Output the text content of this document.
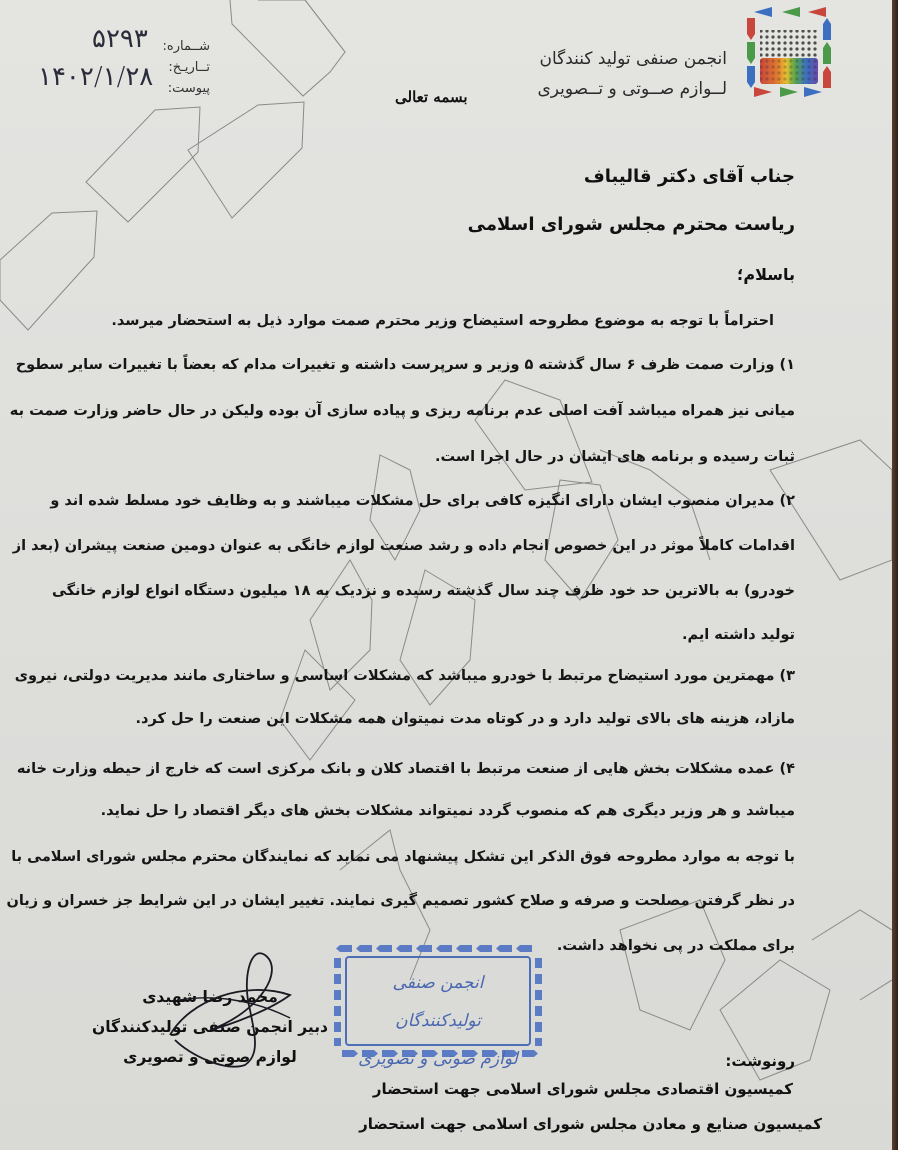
شــماره:
تــاریـخ:
پیوست:
۵۲۹۳
۱۴۰۲/۱/۲۸
بسمه تعالی
انجمن صنفی تولید کنندگان
لــوازم صــوتی و تــصویری
جناب آقای دکتر قالیباف
ریاست محترم مجلس شورای اسلامی
باسلام؛
احتراماً با توجه به موضوع مطروحه استیضاح وزیر محترم صمت موارد ذیل به استحضار میرسد.
۱) وزارت صمت ظرف ۶ سال گذشته ۵ وزیر و سرپرست داشته و تغییرات مدام که بعضاً با تغییرات سایر سطوح
میانی نیز همراه میباشد آفت اصلی عدم برنامه ریزی و پیاده سازی آن بوده ولیکن در حال حاضر وزارت صمت به
ثبات رسیده و برنامه های ایشان در حال اجرا است.
۲) مدیران منصوب ایشان دارای انگیزه کافی برای حل مشکلات میباشند و به وظایف خود مسلط شده اند و
اقدامات کاملاً موثر در این خصوص انجام داده و رشد صنعت لوازم خانگی به عنوان دومین صنعت پیشران (بعد از
خودرو) به بالاترین حد خود ظرف چند سال گذشته رسیده و نزدیک به ۱۸ میلیون دستگاه انواع لوازم خانگی
تولید داشته ایم.
۳) مهمترین مورد استیضاح مرتبط با خودرو میباشد که مشکلات اساسی و ساختاری مانند مدیریت دولتی، نیروی
مازاد، هزینه های بالای تولید دارد و در کوتاه مدت نمیتوان همه مشکلات این صنعت را حل کرد.
۴) عمده مشکلات بخش هایی از صنعت مرتبط با اقتصاد کلان و بانک مرکزی است که خارج از حیطه وزارت خانه
میباشد و هر وزیر دیگری هم که منصوب گردد نمیتواند مشکلات بخش های دیگر اقتصاد را حل نماید.
با توجه به موارد مطروحه فوق الذکر این تشکل پیشنهاد می نماید که نمایندگان محترم مجلس شورای اسلامی با
در نظر گرفتن مصلحت و صرفه و صلاح کشور تصمیم گیری نمایند. تغییر ایشان در این شرایط جز خسران و زیان
برای مملکت در پی نخواهد داشت.
انجمن صنفی تولیدکنندگان
لوازم صوتی و تصویری
محمد رضا شهیدی
دبیر انجمن صنفی تولیدکنندگان
لوازم صوتی و تصویری	رونوشت:
کمیسیون اقتصادی مجلس شورای اسلامی جهت استحضار
کمیسیون صنایع و معادن مجلس شورای اسلامی جهت استحضار
